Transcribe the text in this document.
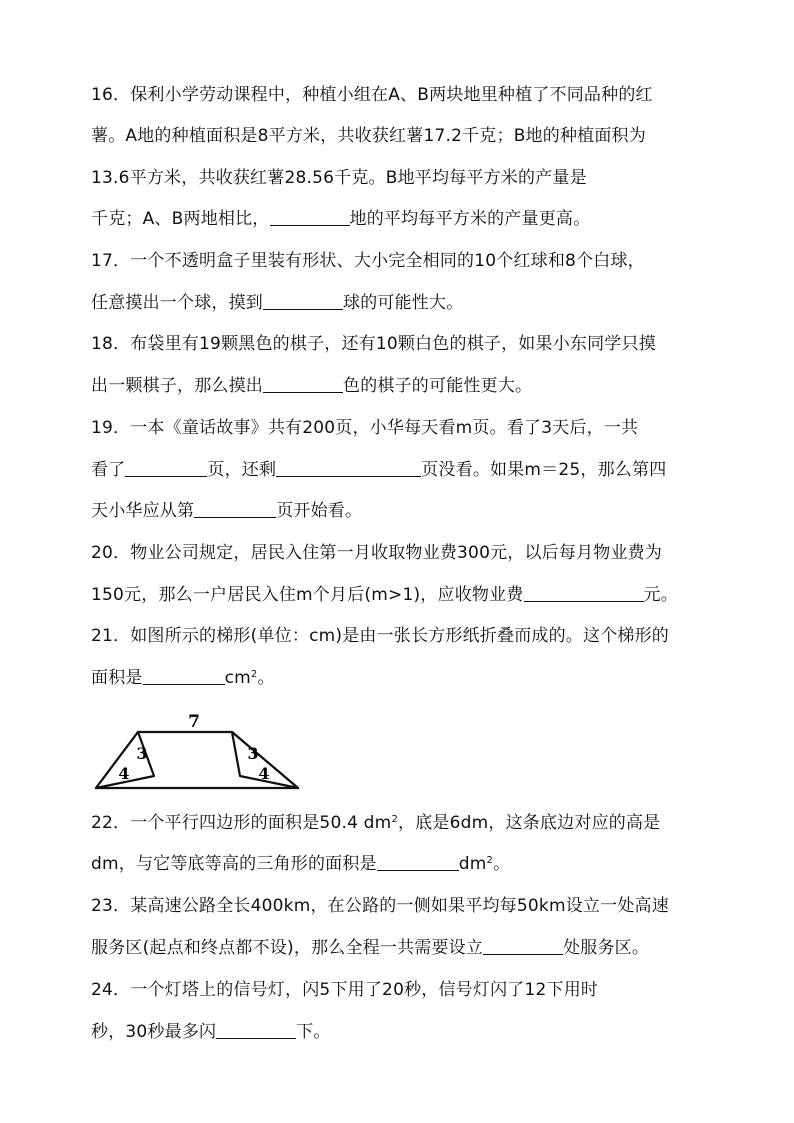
16．保利小学劳动课程中，种植小组在A、B两块地里种植了不同品种的红
薯。A地的种植面积是8平方米，共收获红薯17.2千克；B地的种植面积为
13.6平方米，共收获红薯28.56千克。B地平均每平方米的产量是
千克；A、B两地相比，	地的平均每平方米的产量更高。
17．一个不透明盒子里装有形状、大小完全相同的10个红球和8个白球，
任意摸出一个球，摸到	球的可能性大。
18．布袋里有19颗黑色的棋子，还有10颗白色的棋子，如果小东同学只摸
出一颗棋子，那么摸出	色的棋子的可能性更大。
19．一本《童话故事》共有200页，小华每天看m页。看了3天后，一共
看了	页，还剩	页没看。如果m＝25，那么第四
天小华应从第	页开始看。
20．物业公司规定，居民入住第一月收取物业费300元，以后每月物业费为
150元，那么一户居民入住m个月后(m>1)，应收物业费	元。
21．如图所示的梯形(单位：cm)是由一张长方形纸折叠而成的。这个梯形的
面积是	$cm^2$。
7
3
4
3
4
22．一个平行四边形的面积是50.4 $dm^2$，底是6dm，这条底边对应的高是
dm，与它等底等高的三角形的面积是	$dm^2$。
23．某高速公路全长400km，在公路的一侧如果平均每50km设立一处高速
服务区(起点和终点都不设)，那么全程一共需要设立	处服务区。
24．一个灯塔上的信号灯，闪5下用了20秒，信号灯闪了12下用时
秒，30秒最多闪	下。
